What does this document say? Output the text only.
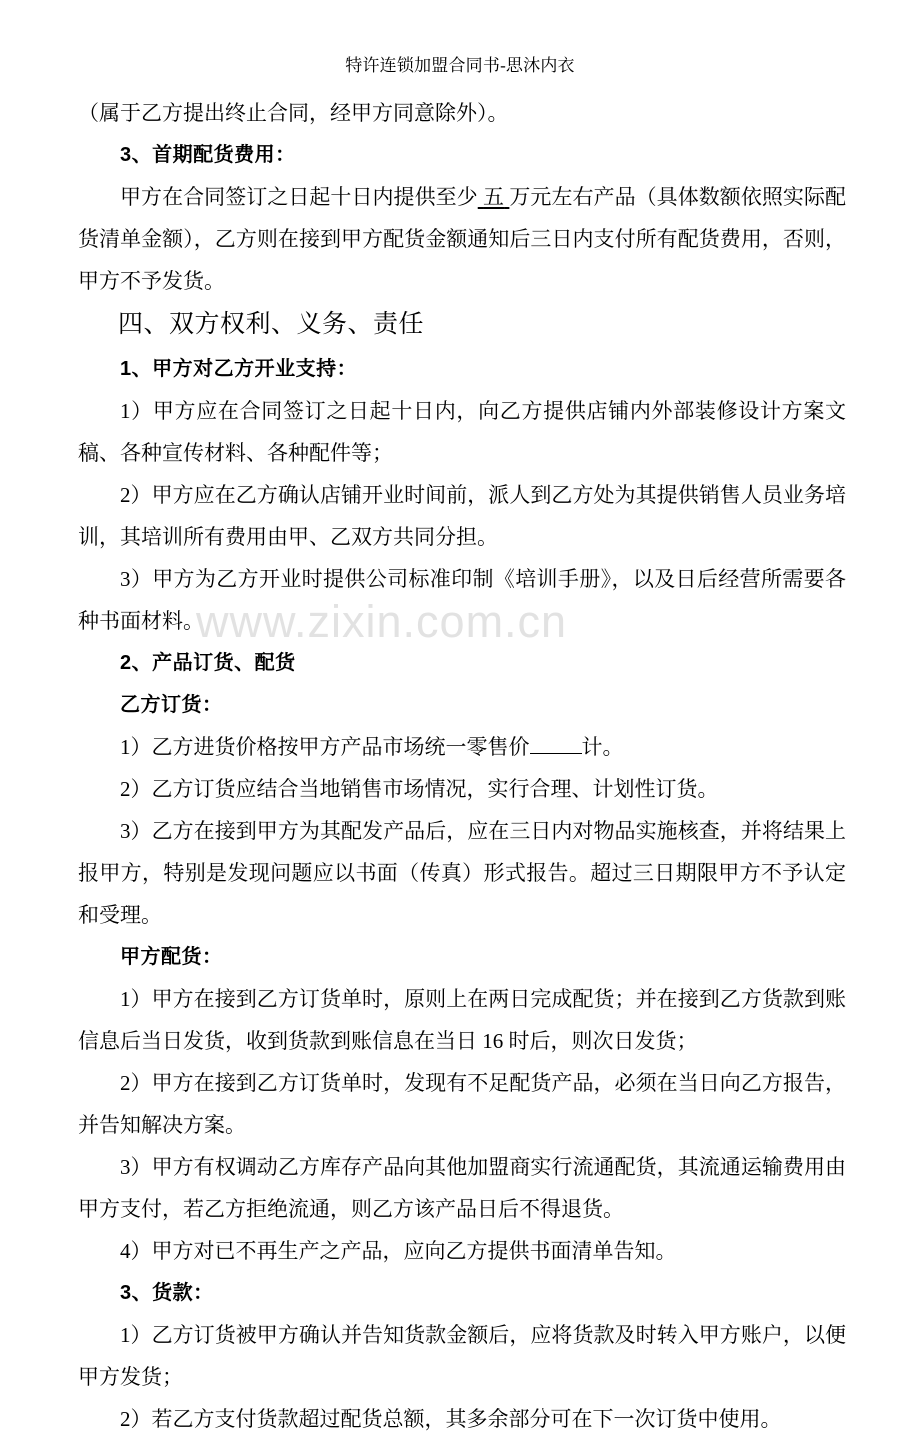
www.zixin.com.cn
特许连锁加盟合同书-思沐内衣
（属于乙方提出终止合同，经甲方同意除外）。
3、首期配货费用：
甲方在合同签订之日起十日内提供至少 五 万元左右产品（具体数额依照实际配货清单金额），乙方则在接到甲方配货金额通知后三日内支付所有配货费用，否则，甲方不予发货。
四、双方权利、义务、责任
1、甲方对乙方开业支持：
1）甲方应在合同签订之日起十日内，向乙方提供店铺内外部装修设计方案文稿、各种宣传材料、各种配件等；
2）甲方应在乙方确认店铺开业时间前，派人到乙方处为其提供销售人员业务培训，其培训所有费用由甲、乙双方共同分担。
3）甲方为乙方开业时提供公司标准印制《培训手册》，以及日后经营所需要各种书面材料。
2、产品订货、配货
乙方订货：
1）乙方进货价格按甲方产品市场统一零售价 计。
2）乙方订货应结合当地销售市场情况，实行合理、计划性订货。
3）乙方在接到甲方为其配发产品后，应在三日内对物品实施核查，并将结果上报甲方，特别是发现问题应以书面（传真）形式报告。超过三日期限甲方不予认定和受理。
甲方配货：
1）甲方在接到乙方订货单时，原则上在两日完成配货；并在接到乙方货款到账信息后当日发货，收到货款到账信息在当日 16 时后，则次日发货；
2）甲方在接到乙方订货单时，发现有不足配货产品，必须在当日向乙方报告，并告知解决方案。
3）甲方有权调动乙方库存产品向其他加盟商实行流通配货，其流通运输费用由甲方支付，若乙方拒绝流通，则乙方该产品日后不得退货。
4）甲方对已不再生产之产品，应向乙方提供书面清单告知。
3、货款：
1）乙方订货被甲方确认并告知货款金额后，应将货款及时转入甲方账户，以便甲方发货；
2）若乙方支付货款超过配货总额，其多余部分可在下一次订货中使用。
